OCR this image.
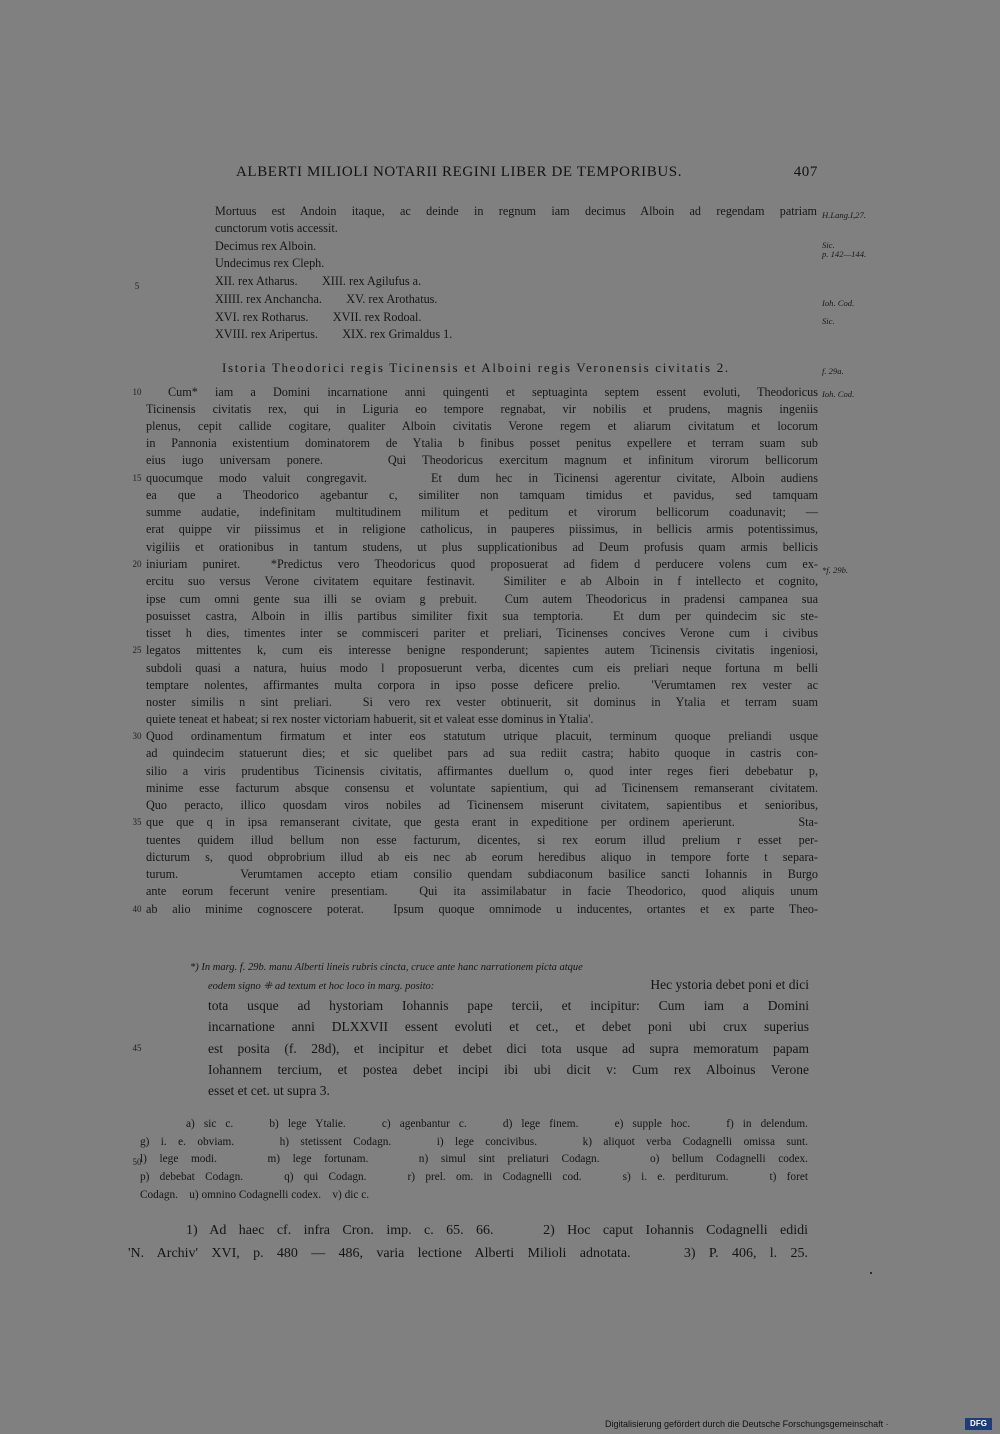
ALBERTI MILIOLI NOTARII REGINI LIBER DE TEMPORIBUS.	407
Mortuus est Andoin itaque, ac deinde in regnum iam decimus Alboin ad regendam patriam
cunctorum votis accessit.
Decimus rex Alboin.
Undecimus rex Cleph.
XII. rex Atharus.        XIII. rex Agilufus a.
XIIII. rex Anchancha.        XV. rex Arothatus.
XVI. rex Rotharus.        XVII. rex Rodoal.
XVIII. rex Aripertus.        XIX. rex Grimaldus 1.
5
Istoria Theodorici regis Ticinensis et Alboini regis Veronensis civitatis 2.
Cum* iam a Domini incarnatione anni quingenti et septuaginta septem essent evoluti, Theodoricus
Ticinensis civitatis rex, qui in Liguria eo tempore regnabat, vir nobilis et prudens, magnis ingeniis
plenus, cepit callide cogitare, qualiter Alboin civitatis Verone regem et aliarum civitatum et locorum
in Pannonia existentium dominatorem de Ytalia b finibus posset penitus expellere et terram suam sub
eius iugo universam ponere.    Qui Theodoricus exercitum magnum et infinitum virorum bellicorum
quocumque modo valuit congregavit.    Et dum hec in Ticinensi agerentur civitate, Alboin audiens
ea que a Theodorico agebantur c, similiter non tamquam timidus et pavidus, sed tamquam
summe audatie, indefinitam multitudinem militum et peditum et virorum bellicorum coadunavit; —
erat quippe vir piissimus et in religione catholicus, in pauperes piissimus, in bellicis armis potentissimus,
vigiliis et orationibus in tantum studens, ut plus supplicationibus ad Deum profusis quam armis bellicis
iniuriam puniret.  *Predictus vero Theodoricus quod proposuerat ad fidem d perducere volens cum ex-
ercitu suo versus Verone civitatem equitare festinavit.  Similiter e ab Alboin in f intellecto et cognito,
ipse cum omni gente sua illi se oviam g prebuit.  Cum autem Theodoricus in pradensi campanea sua
posuisset castra, Alboin in illis partibus similiter fixit sua temptoria.  Et dum per quindecim sic ste-
tisset h dies, timentes inter se commisceri pariter et preliari, Ticinenses concives Verone cum i civibus
legatos mittentes k, cum eis interesse benigne responderunt; sapientes autem Ticinensis civitatis ingeniosi,
subdoli quasi a natura, huius modo l proposuerunt verba, dicentes cum eis preliari neque fortuna m belli
temptare nolentes, affirmantes multa corpora in ipso posse deficere prelio.  'Verumtamen rex vester ac
noster similis n sint preliari.  Si vero rex vester obtinuerit, sit dominus in Ytalia et terram suam
quiete teneat et habeat; si rex noster victoriam habuerit, sit et valeat esse dominus in Ytalia'.
Quod ordinamentum firmatum et inter eos statutum utrique placuit, terminum quoque preliandi usque
ad quindecim statuerunt dies; et sic quelibet pars ad sua rediit castra; habito quoque in castris con-
silio a viris prudentibus Ticinensis civitatis, affirmantes duellum o, quod inter reges fieri debebatur p,
minime esse facturum absque consensu et voluntate sapientium, qui ad Ticinensem remanserant civitatem.
Quo peracto, illico quosdam viros nobiles ad Ticinensem miserunt civitatem, sapientibus et senioribus,
que que q in ipsa remanserant civitate, que gesta erant in expeditione per ordinem aperierunt.     Sta-
tuentes quidem illud bellum non esse facturum, dicentes, si rex eorum illud prelium r esset per-
dicturum s, quod obprobrium illud ab eis nec ab eorum heredibus aliquo in tempore forte t separa-
turum.    Verumtamen accepto etiam consilio quendam subdiaconum basilice sancti Iohannis in Burgo
ante eorum fecerunt venire presentiam.  Qui ita assimilabatur in facie Theodorico, quod aliquis unum
ab alio minime cognoscere poterat.  Ipsum quoque omnimode u inducentes, ortantes et ex parte Theo-
10
15
20
25
30
35
40
45
50
H.Lang.I,27.
Sic.
p. 142—144.
Ioh. Cod.
Sic.
f. 29a.
Ioh. Cod.
*f. 29b.
*) In marg. f. 29b. manu Alberti lineis rubris cincta, cruce ante hanc narrationem picta atque
eodem signo ⁜ ad textum et hoc loco in marg. posito:	Hec ystoria debet poni et dici
tota usque ad hystoriam Iohannis pape tercii, et incipitur: Cum iam a Domini
incarnatione anni DLXXVII essent evoluti et cet., et debet poni ubi crux superius
est posita (f. 28d), et incipitur et debet dici tota usque ad supra memoratum papam
Iohannem tercium, et postea debet incipi ibi ubi dicit v: Cum rex Alboinus Verone
esset et cet. ut supra 3.
a) sic c.    b) lege Ytalie.    c) agenbantur c.    d) lege finem.    e) supple hoc.    f) in delendum.
g) i. e. obviam.    h) stetissent Codagn.    i) lege concivibus.    k) aliquot verba Codagnelli omissa sunt.
l) lege modi.    m) lege fortunam.    n) simul sint preliaturi Codagn.    o) bellum Codagnelli codex.
p) debebat Codagn.    q) qui Codagn.    r) prel. om. in Codagnelli cod.    s) i. e. perditurum.    t) foret
Codagn.    u) omnino Codagnelli codex.    v) dic c.
1) Ad haec cf. infra Cron. imp. c. 65. 66.    2) Hoc caput Iohannis Codagnelli edidi
'N. Archiv' XVI, p. 480 — 486, varia lectione Alberti Milioli adnotata.    3) P. 406, l. 25.
Digitalisierung gefördert durch die Deutsche Forschungsgemeinschaft ·	DFG
